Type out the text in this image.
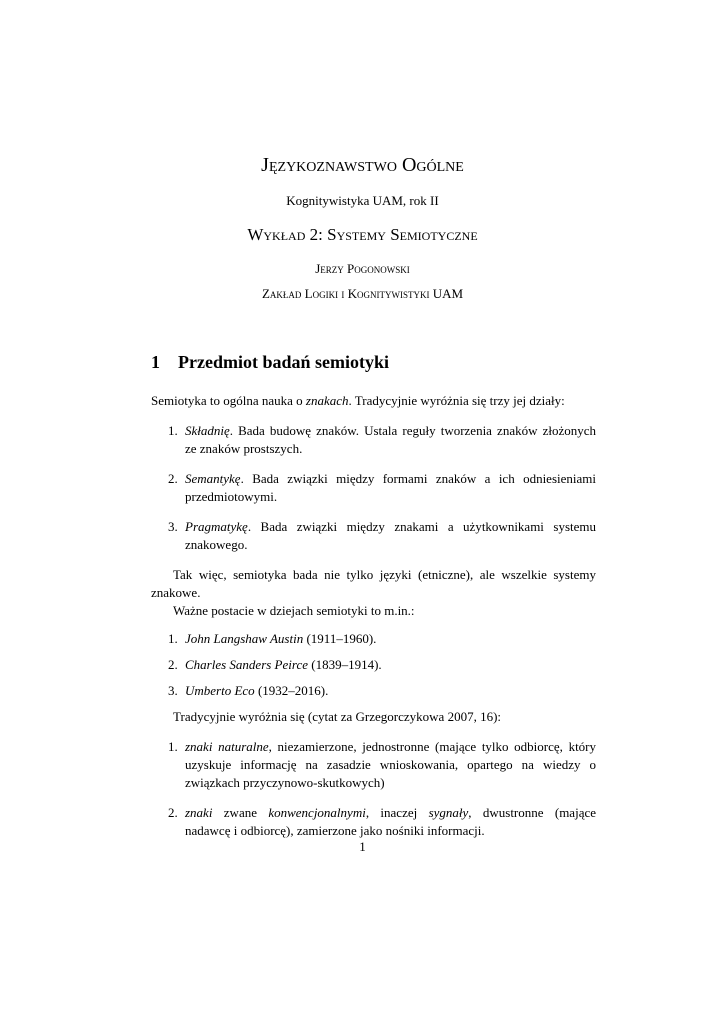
Językoznawstwo Ogólne
Kognitywistyka UAM, rok II
Wykład 2: Systemy Semiotyczne
Jerzy Pogonowski
Zakład Logiki i Kognitywistyki UAM
1 Przedmiot badań semiotyki

Semiotyka to ogólna nauka o znakach. Tradycyjnie wyróżnia się trzy jej działy:

1. Składnię. Bada budowę znaków. Ustala reguły tworzenia znaków złożonych ze znaków prostszych.
2. Semantykę. Bada związki między formami znaków a ich odniesieniami przedmiotowymi.
3. Pragmatykę. Bada związki między znakami a użytkownikami systemu znakowego.

Tak więc, semiotyka bada nie tylko języki (etniczne), ale wszelkie systemy znakowe.

Ważne postacie w dziejach semiotyki to m.in.:

1. John Langshaw Austin (1911–1960).
2. Charles Sanders Peirce (1839–1914).
3. Umberto Eco (1932–2016).

Tradycyjnie wyróżnia się (cytat za Grzegorczykowa 2007, 16):

1. znaki naturalne, niezamierzone, jednostronne (mające tylko odbiorcę, który uzyskuje informację na zasadzie wnioskowania, opartego na wiedzy o związkach przyczynowo-skutkowych)
2. znaki zwane konwencjonalnymi, inaczej sygnały, dwustronne (mające nadawcę i odbiorcę), zamierzone jako nośniki informacji.
1
